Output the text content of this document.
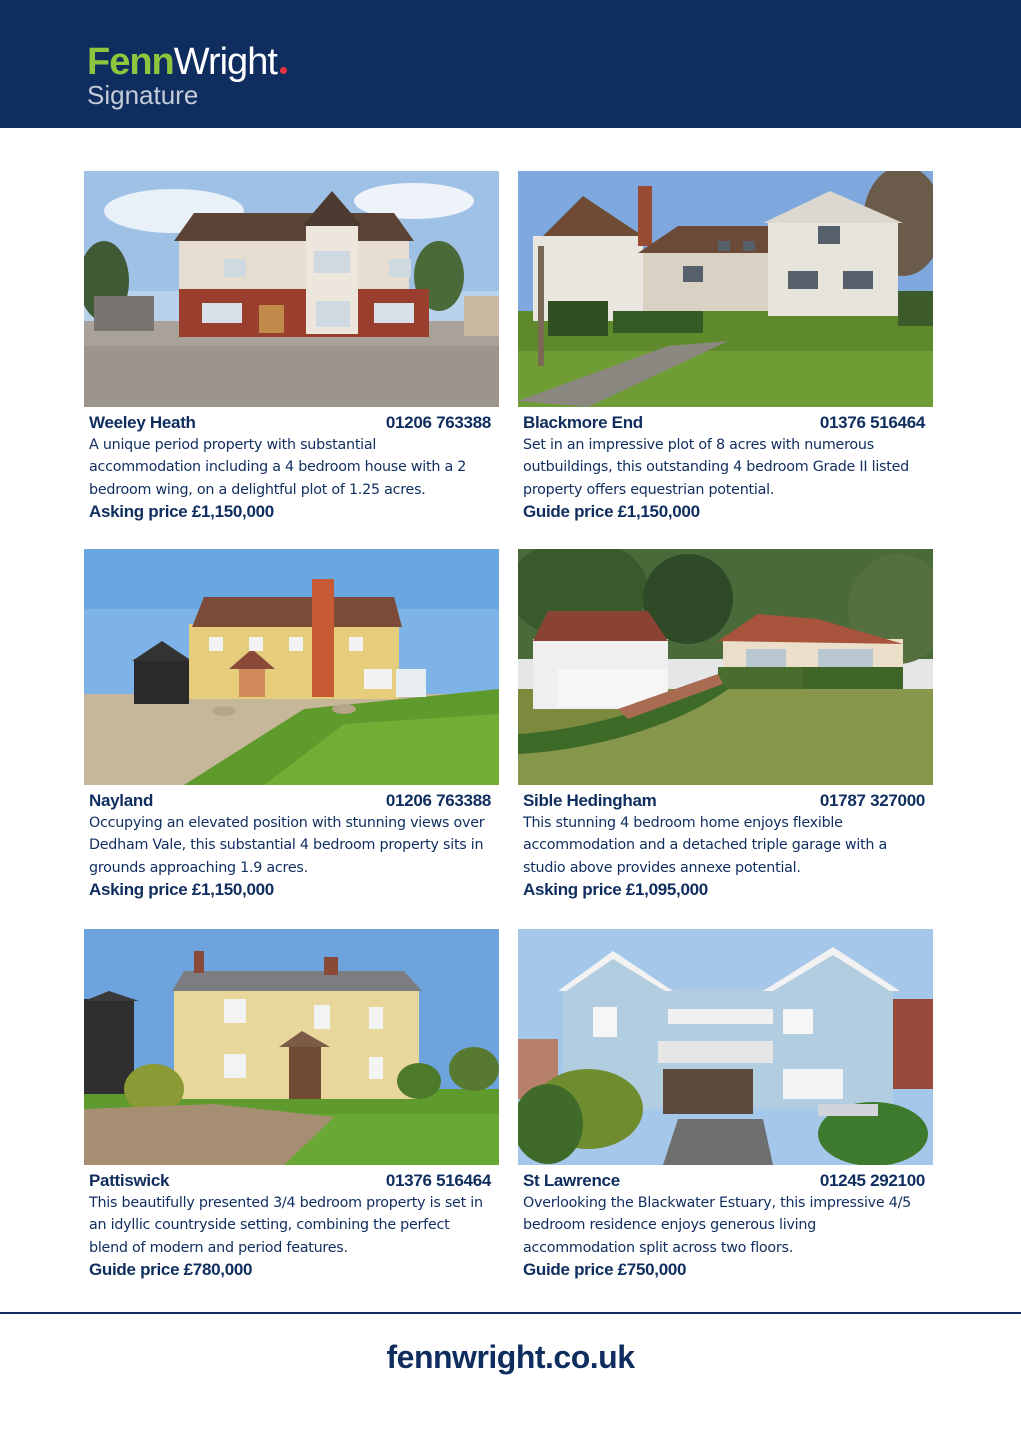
Fenn Wright
Signature
Weeley Heath	01206 763388
A unique period property with substantial accommodation including a 4 bedroom house with a 2 bedroom wing, on a delightful plot of 1.25 acres.
Asking price £1,150,000
Blackmore End	01376 516464
Set in an impressive plot of 8 acres with numerous outbuildings, this outstanding 4 bedroom Grade II listed property offers equestrian potential.
Guide price £1,150,000
Nayland	01206 763388
Occupying an elevated position with stunning views over Dedham Vale, this substantial 4 bedroom property sits in grounds approaching 1.9 acres.
Asking price £1,150,000
Sible Hedingham	01787 327000
This stunning 4 bedroom home enjoys flexible accommodation and a detached triple garage with a studio above provides annexe potential.
Asking price £1,095,000
Pattiswick	01376 516464
This beautifully presented 3/4 bedroom property is set in an idyllic countryside setting, combining the perfect blend of modern and period features.
Guide price £780,000
St Lawrence	01245 292100
Overlooking the Blackwater Estuary, this impressive 4/5 bedroom residence enjoys generous living accommodation split across two floors.
Guide price £750,000
fennwright.co.uk
